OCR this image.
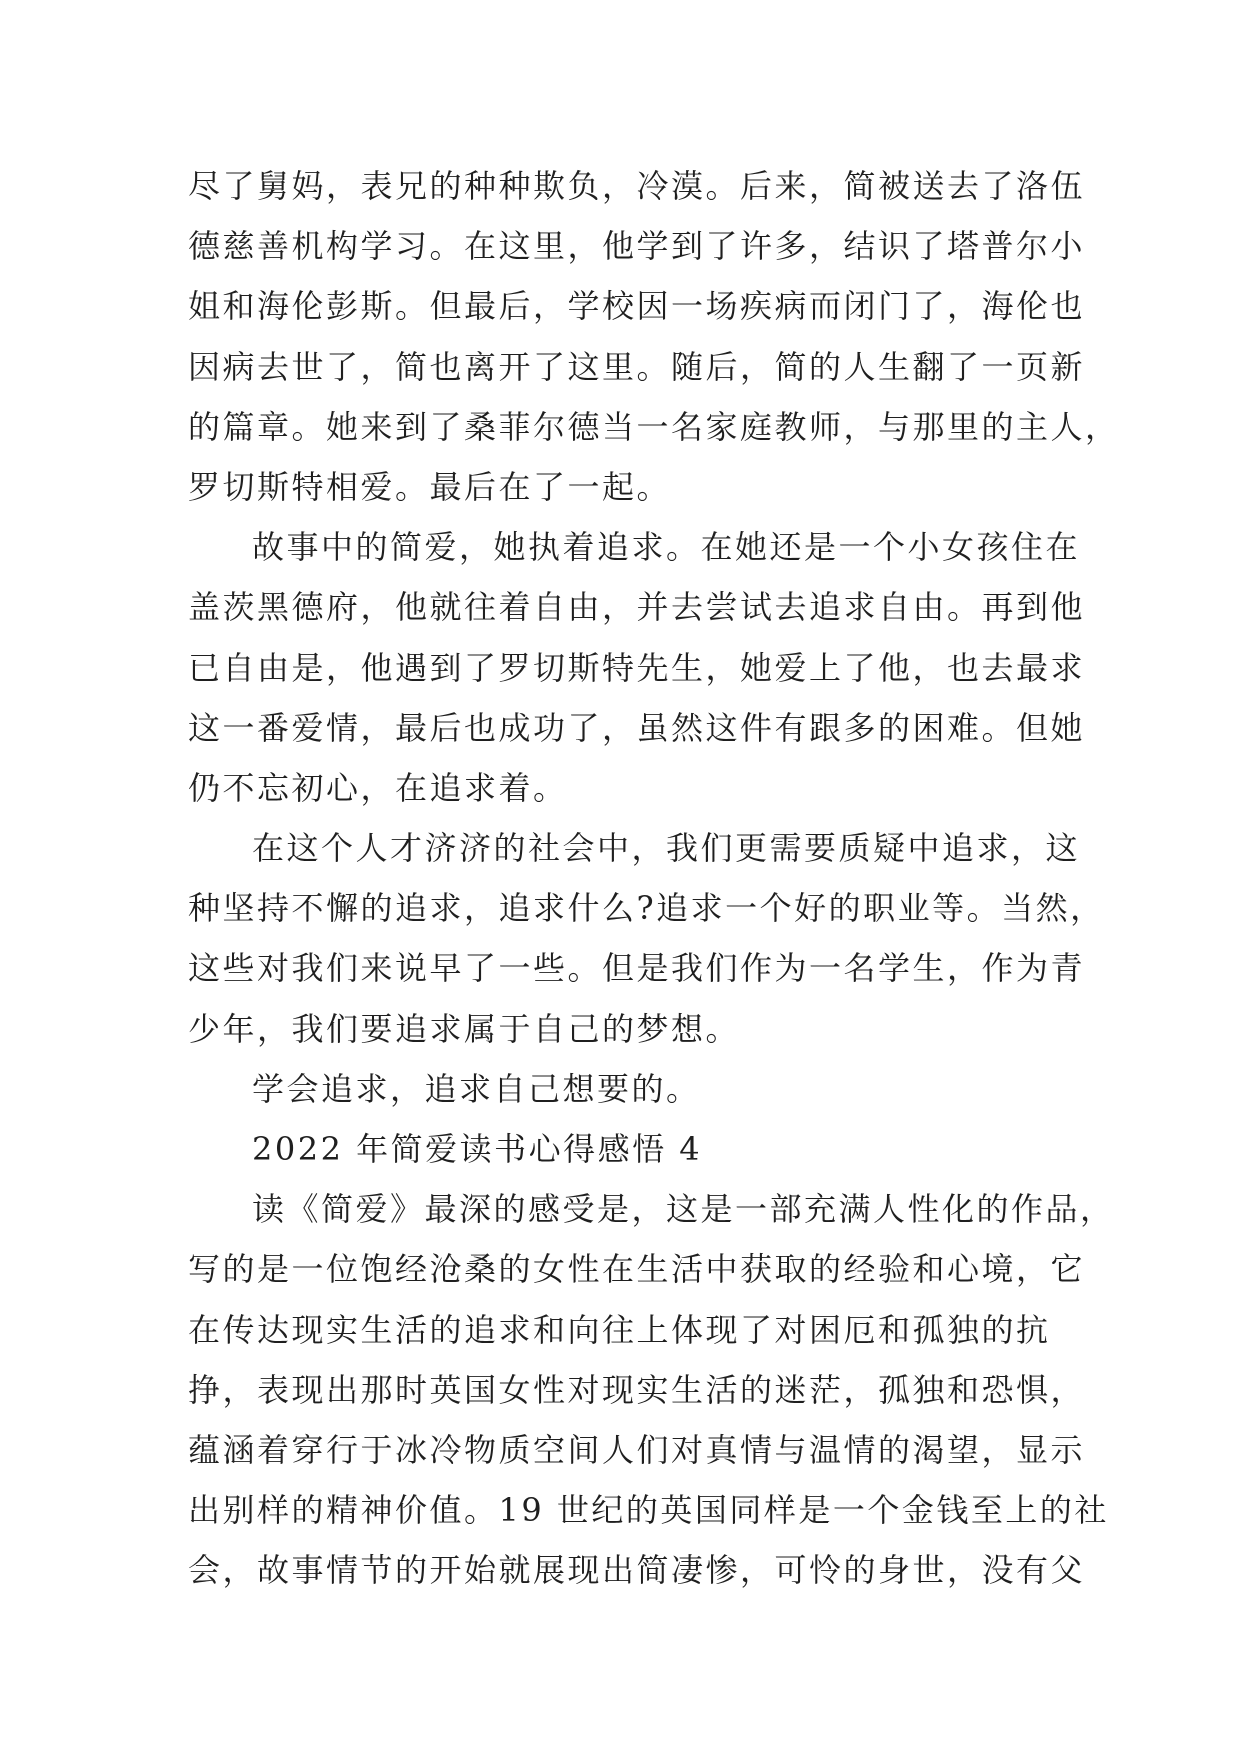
尽了舅妈，表兄的种种欺负，冷漠。后来，简被送去了洛伍
德慈善机构学习。在这里，他学到了许多，结识了塔普尔小
姐和海伦彭斯。但最后，学校因一场疾病而闭门了，海伦也
因病去世了，简也离开了这里。随后，简的人生翻了一页新
的篇章。她来到了桑菲尔德当一名家庭教师，与那里的主人，
罗切斯特相爱。最后在了一起。
故事中的简爱，她执着追求。在她还是一个小女孩住在
盖茨黑德府，他就往着自由，并去尝试去追求自由。再到他
已自由是，他遇到了罗切斯特先生，她爱上了他，也去最求
这一番爱情，最后也成功了，虽然这件有跟多的困难。但她
仍不忘初心，在追求着。
在这个人才济济的社会中，我们更需要质疑中追求，这
种坚持不懈的追求，追求什么?追求一个好的职业等。当然，
这些对我们来说早了一些。但是我们作为一名学生，作为青
少年，我们要追求属于自己的梦想。
学会追求，追求自己想要的。
2022 年简爱读书心得感悟 4
读《简爱》最深的感受是，这是一部充满人性化的作品，
写的是一位饱经沧桑的女性在生活中获取的经验和心境，它
在传达现实生活的追求和向往上体现了对困厄和孤独的抗
挣，表现出那时英国女性对现实生活的迷茫，孤独和恐惧，
蕴涵着穿行于冰冷物质空间人们对真情与温情的渴望，显示
出别样的精神价值。19 世纪的英国同样是一个金钱至上的社
会，故事情节的开始就展现出简凄惨，可怜的身世，没有父
